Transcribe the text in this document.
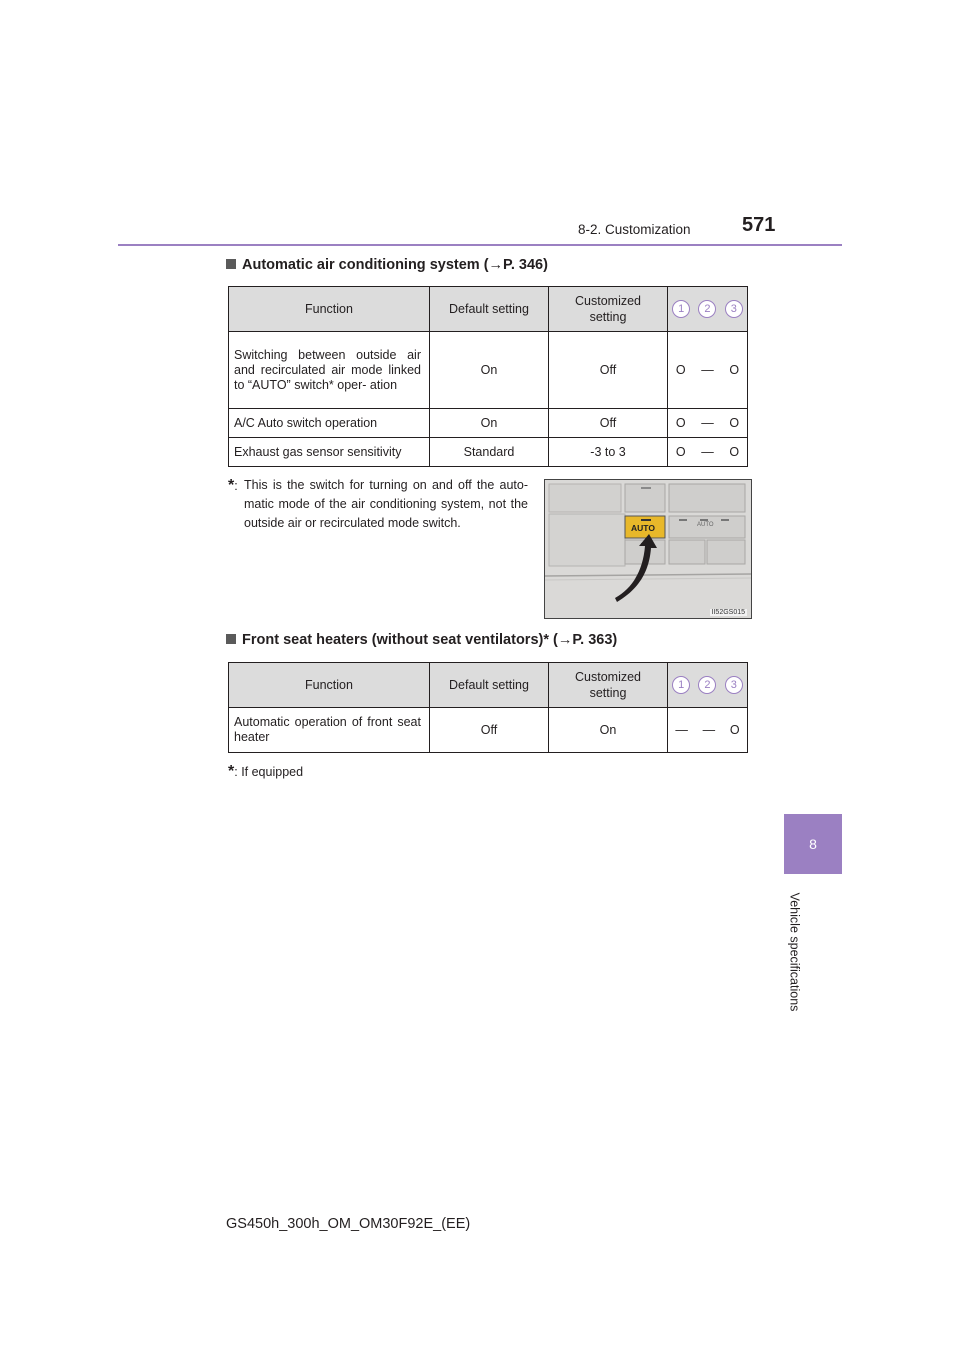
8-2. Customization	571
8
Vehicle specifications
Automatic air conditioning system (→P. 346)
Function	Default setting	Customized setting	1 2 3

Switching between outside air and recirculated air mode linked to “AUTO” switch* oper- ation	On	Off	O — O

A/C Auto switch operation	On	Off	O — O

Exhaust gas sensor sensitivity	Standard	-3 to 3	O — O
*: This is the switch for turning on and off the auto- matic mode of the air conditioning system, not the outside air or recirculated mode switch.	AUTO	AUTO
II52GS015
Front seat heaters (without seat ventilators)* (→P. 363)
Function	Default setting	Customized setting	1 2 3

Automatic operation of front seat heater	Off	On	— — O
*: If equipped
GS450h_300h_OM_OM30F92E_(EE)
